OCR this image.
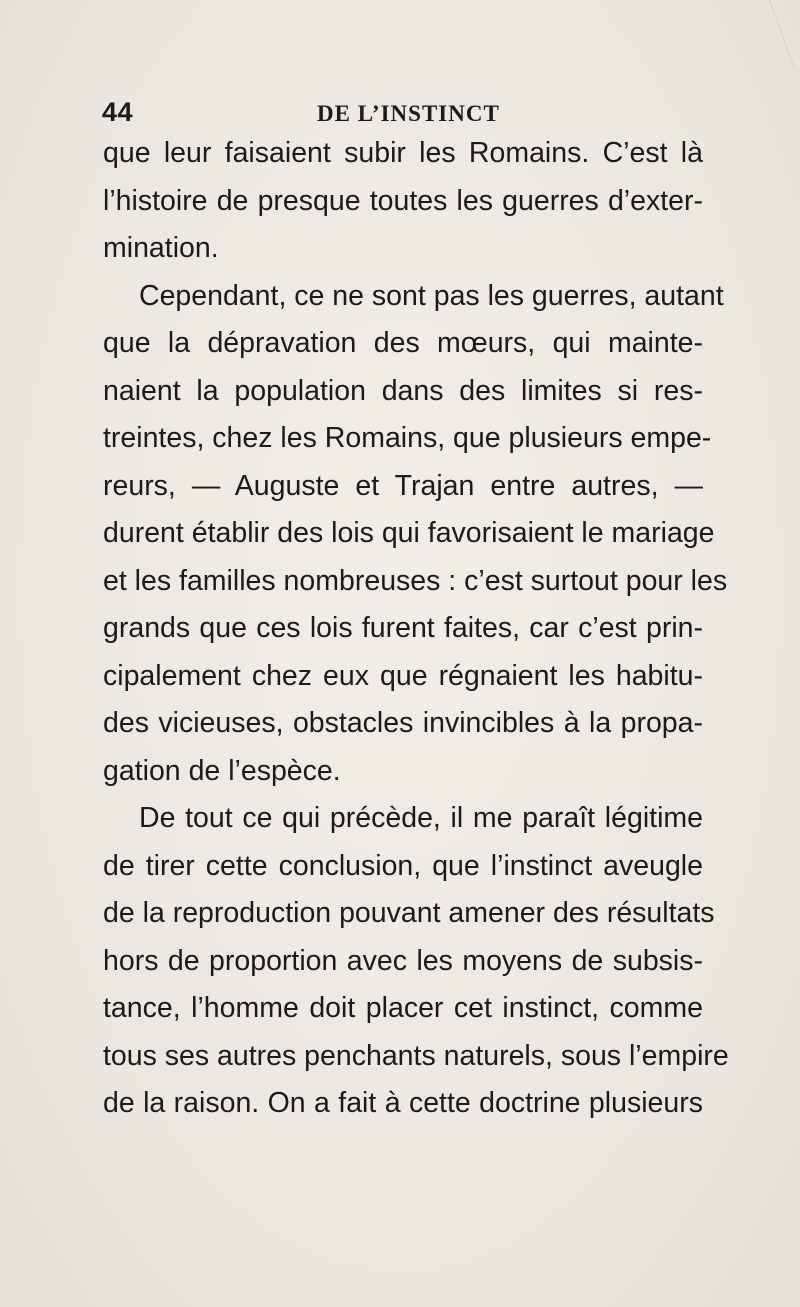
44	DE L’INSTINCT
que leur faisaient subir les Romains. C’est là
l’histoire de presque toutes les guerres d’exter-
mination.
Cependant, ce ne sont pas les guerres, autant
que la dépravation des mœurs, qui mainte-
naient la population dans des limites si res-
treintes, chez les Romains, que plusieurs empe-
reurs, — Auguste et Trajan entre autres, —
durent établir des lois qui favorisaient le mariage
et les familles nombreuses : c’est surtout pour les
grands que ces lois furent faites, car c’est prin-
cipalement chez eux que régnaient les habitu-
des vicieuses, obstacles invincibles à la propa-
gation de l’espèce.
De tout ce qui précède, il me paraît légitime
de tirer cette conclusion, que l’instinct aveugle
de la reproduction pouvant amener des résultats
hors de proportion avec les moyens de subsis-
tance, l’homme doit placer cet instinct, comme
tous ses autres penchants naturels, sous l’empire
de la raison. On a fait à cette doctrine plusieurs
